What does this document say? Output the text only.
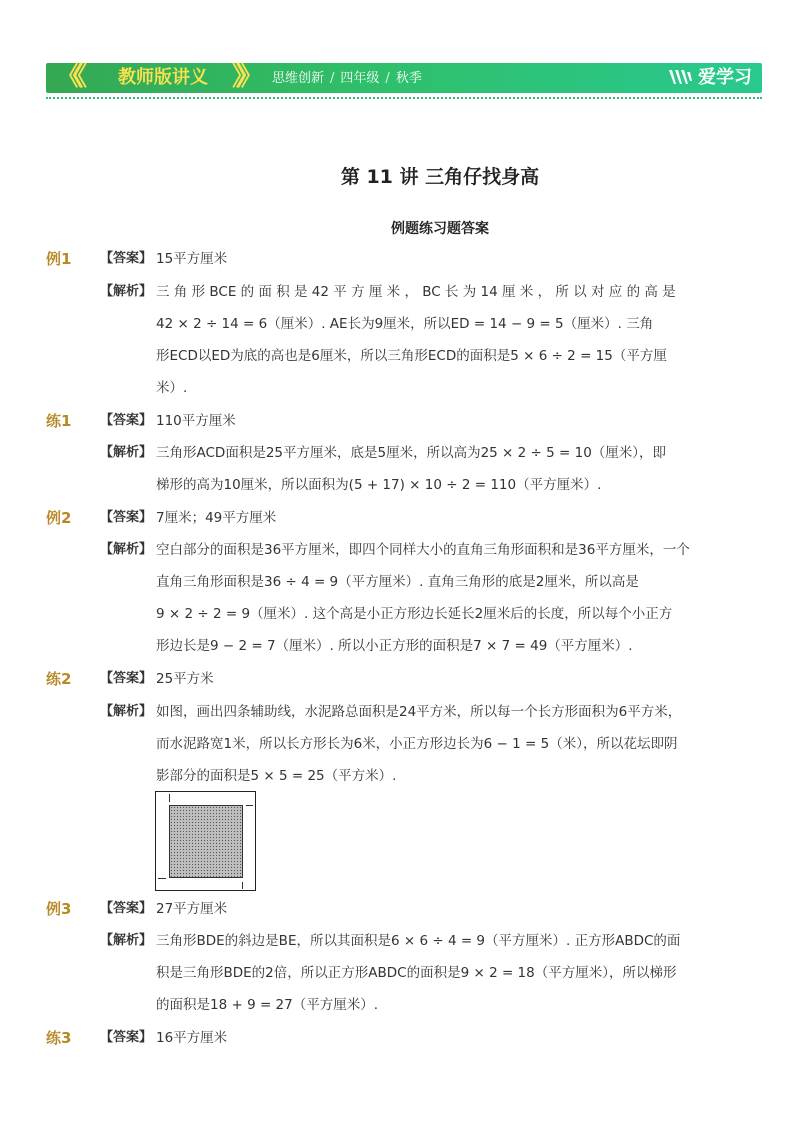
《《 教师版讲义 》》 思维创新 / 四年级 / 秋季	爱学习
第 11 讲 三角仔找身高
例题练习题答案
例1 【答案】 15平方厘米
【解析】 三 角 形 BCE 的 面 积 是 42 平 方 厘 米 ， BC 长 为 14 厘 米 ， 所 以 对 应 的 高 是
42 × 2 ÷ 14 = 6（厘米）. AE长为9厘米，所以ED = 14 − 9 = 5（厘米）. 三角
形ECD以ED为底的高也是6厘米，所以三角形ECD的面积是5 × 6 ÷ 2 = 15（平方厘
米）.
练1 【答案】 110平方厘米
【解析】 三角形ACD面积是25平方厘米，底是5厘米，所以高为25 × 2 ÷ 5 = 10（厘米），即
梯形的高为10厘米，所以面积为(5 + 17) × 10 ÷ 2 = 110（平方厘米）.
例2 【答案】 7厘米；49平方厘米
【解析】 空白部分的面积是36平方厘米，即四个同样大小的直角三角形面积和是36平方厘米，一个
直角三角形面积是36 ÷ 4 = 9（平方厘米）. 直角三角形的底是2厘米，所以高是
9 × 2 ÷ 2 = 9（厘米）. 这个高是小正方形边长延长2厘米后的长度，所以每个小正方
形边长是9 − 2 = 7（厘米）. 所以小正方形的面积是7 × 7 = 49（平方厘米）.
练2 【答案】 25平方米
【解析】 如图，画出四条辅助线，水泥路总面积是24平方米，所以每一个长方形面积为6平方米，
而水泥路宽1米，所以长方形长为6米，小正方形边长为6 − 1 = 5（米），所以花坛即阴
影部分的面积是5 × 5 = 25（平方米）.
例3 【答案】 27平方厘米
【解析】 三角形BDE的斜边是BE，所以其面积是6 × 6 ÷ 4 = 9（平方厘米）. 正方形ABDC的面
积是三角形BDE的2倍，所以正方形ABDC的面积是9 × 2 = 18（平方厘米），所以梯形
的面积是18 + 9 = 27（平方厘米）.
练3 【答案】 16平方厘米
